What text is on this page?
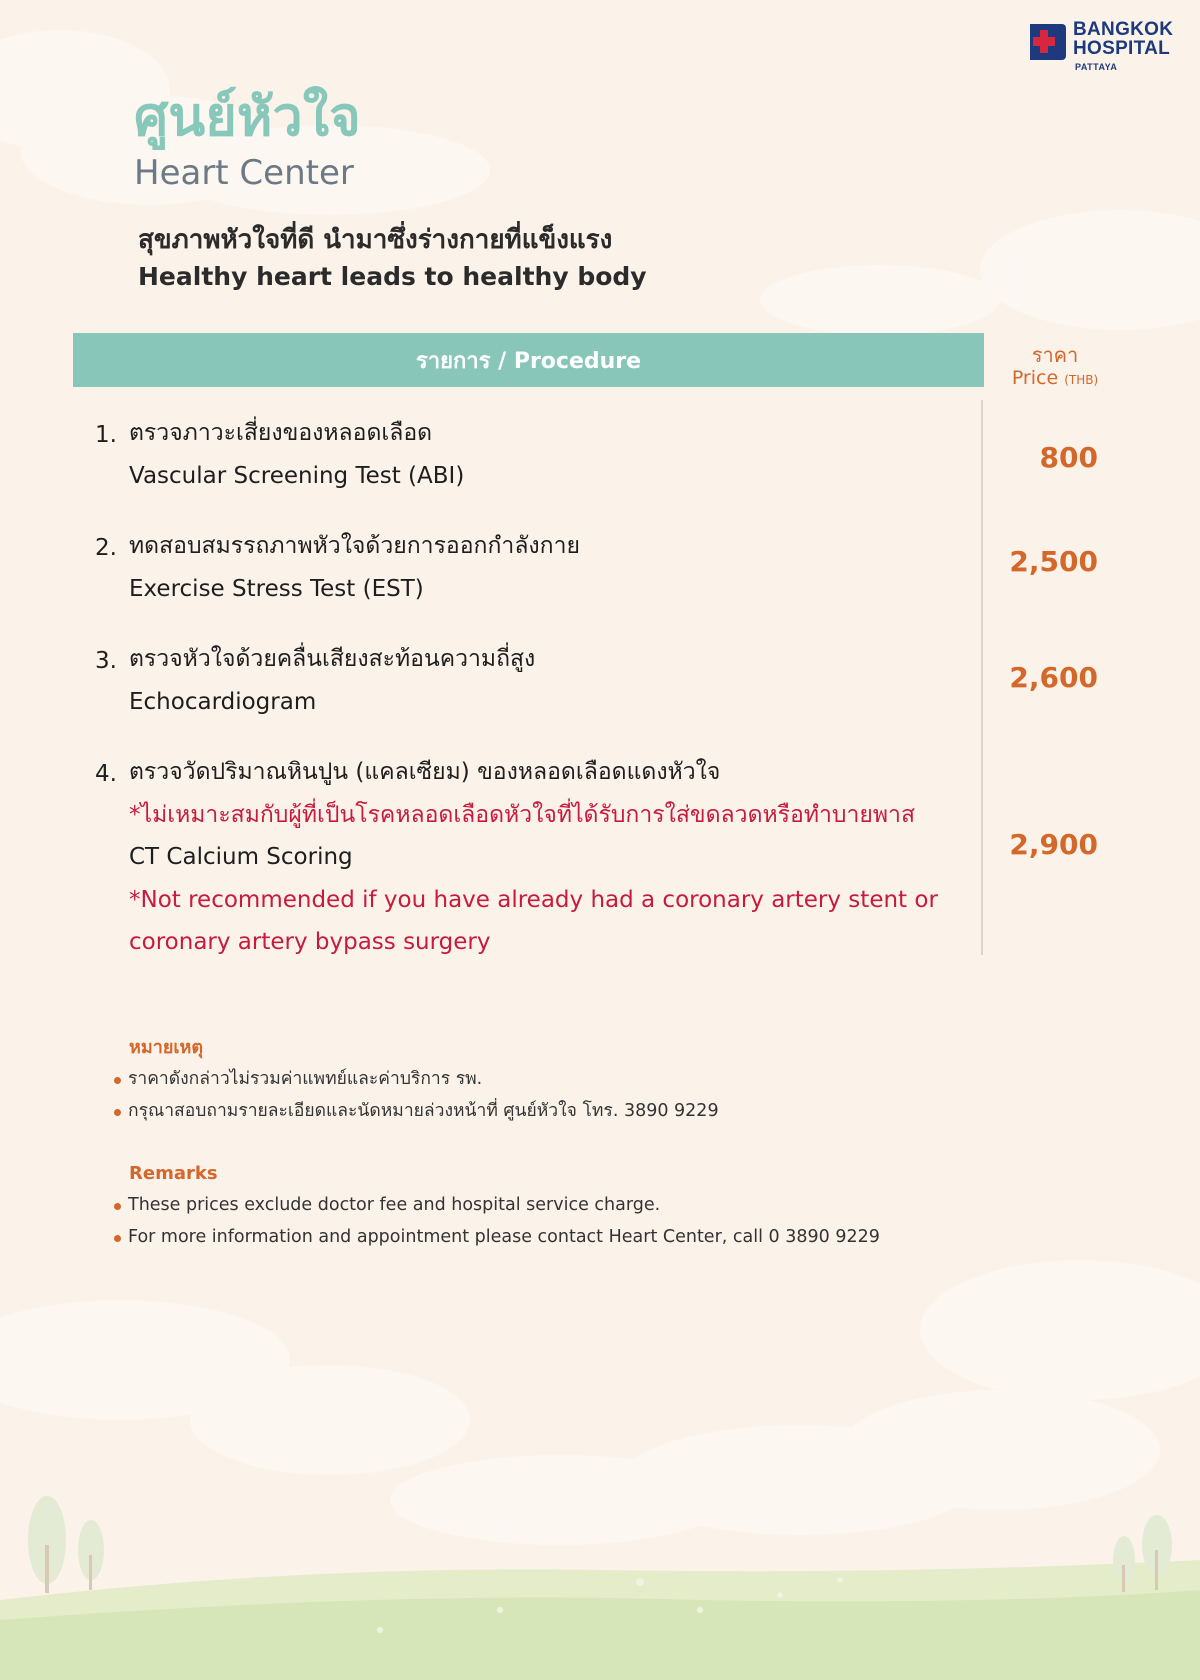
BANGKOK
HOSPITAL
PATTAYA
ศูนย์หัวใจ
Heart Center
สุขภาพหัวใจที่ดี นำมาซึ่งร่างกายที่แข็งแรง
Healthy heart leads to healthy body
รายการ / Procedure	ราคา
Price (THB)
1. ตรวจภาวะเสี่ยงของหลอดเลือด
Vascular Screening Test (ABI)
800
2. ทดสอบสมรรถภาพหัวใจด้วยการออกกำลังกาย
Exercise Stress Test (EST)
2,500
3. ตรวจหัวใจด้วยคลื่นเสียงสะท้อนความถี่สูง
Echocardiogram
2,600
4. ตรวจวัดปริมาณหินปูน (แคลเซียม) ของหลอดเลือดแดงหัวใจ
*ไม่เหมาะสมกับผู้ที่เป็นโรคหลอดเลือดหัวใจที่ได้รับการใส่ขดลวดหรือทำบายพาส
CT Calcium Scoring
*Not recommended if you have already had a coronary artery stent or
coronary artery bypass surgery
2,900
หมายเหตุ
ราคาดังกล่าวไม่รวมค่าแพทย์และค่าบริการ รพ.
กรุณาสอบถามรายละเอียดและนัดหมายล่วงหน้าที่ ศูนย์หัวใจ โทร. 3890 9229
Remarks
These prices exclude doctor fee and hospital service charge.
For more information and appointment please contact Heart Center, call 0 3890 9229
